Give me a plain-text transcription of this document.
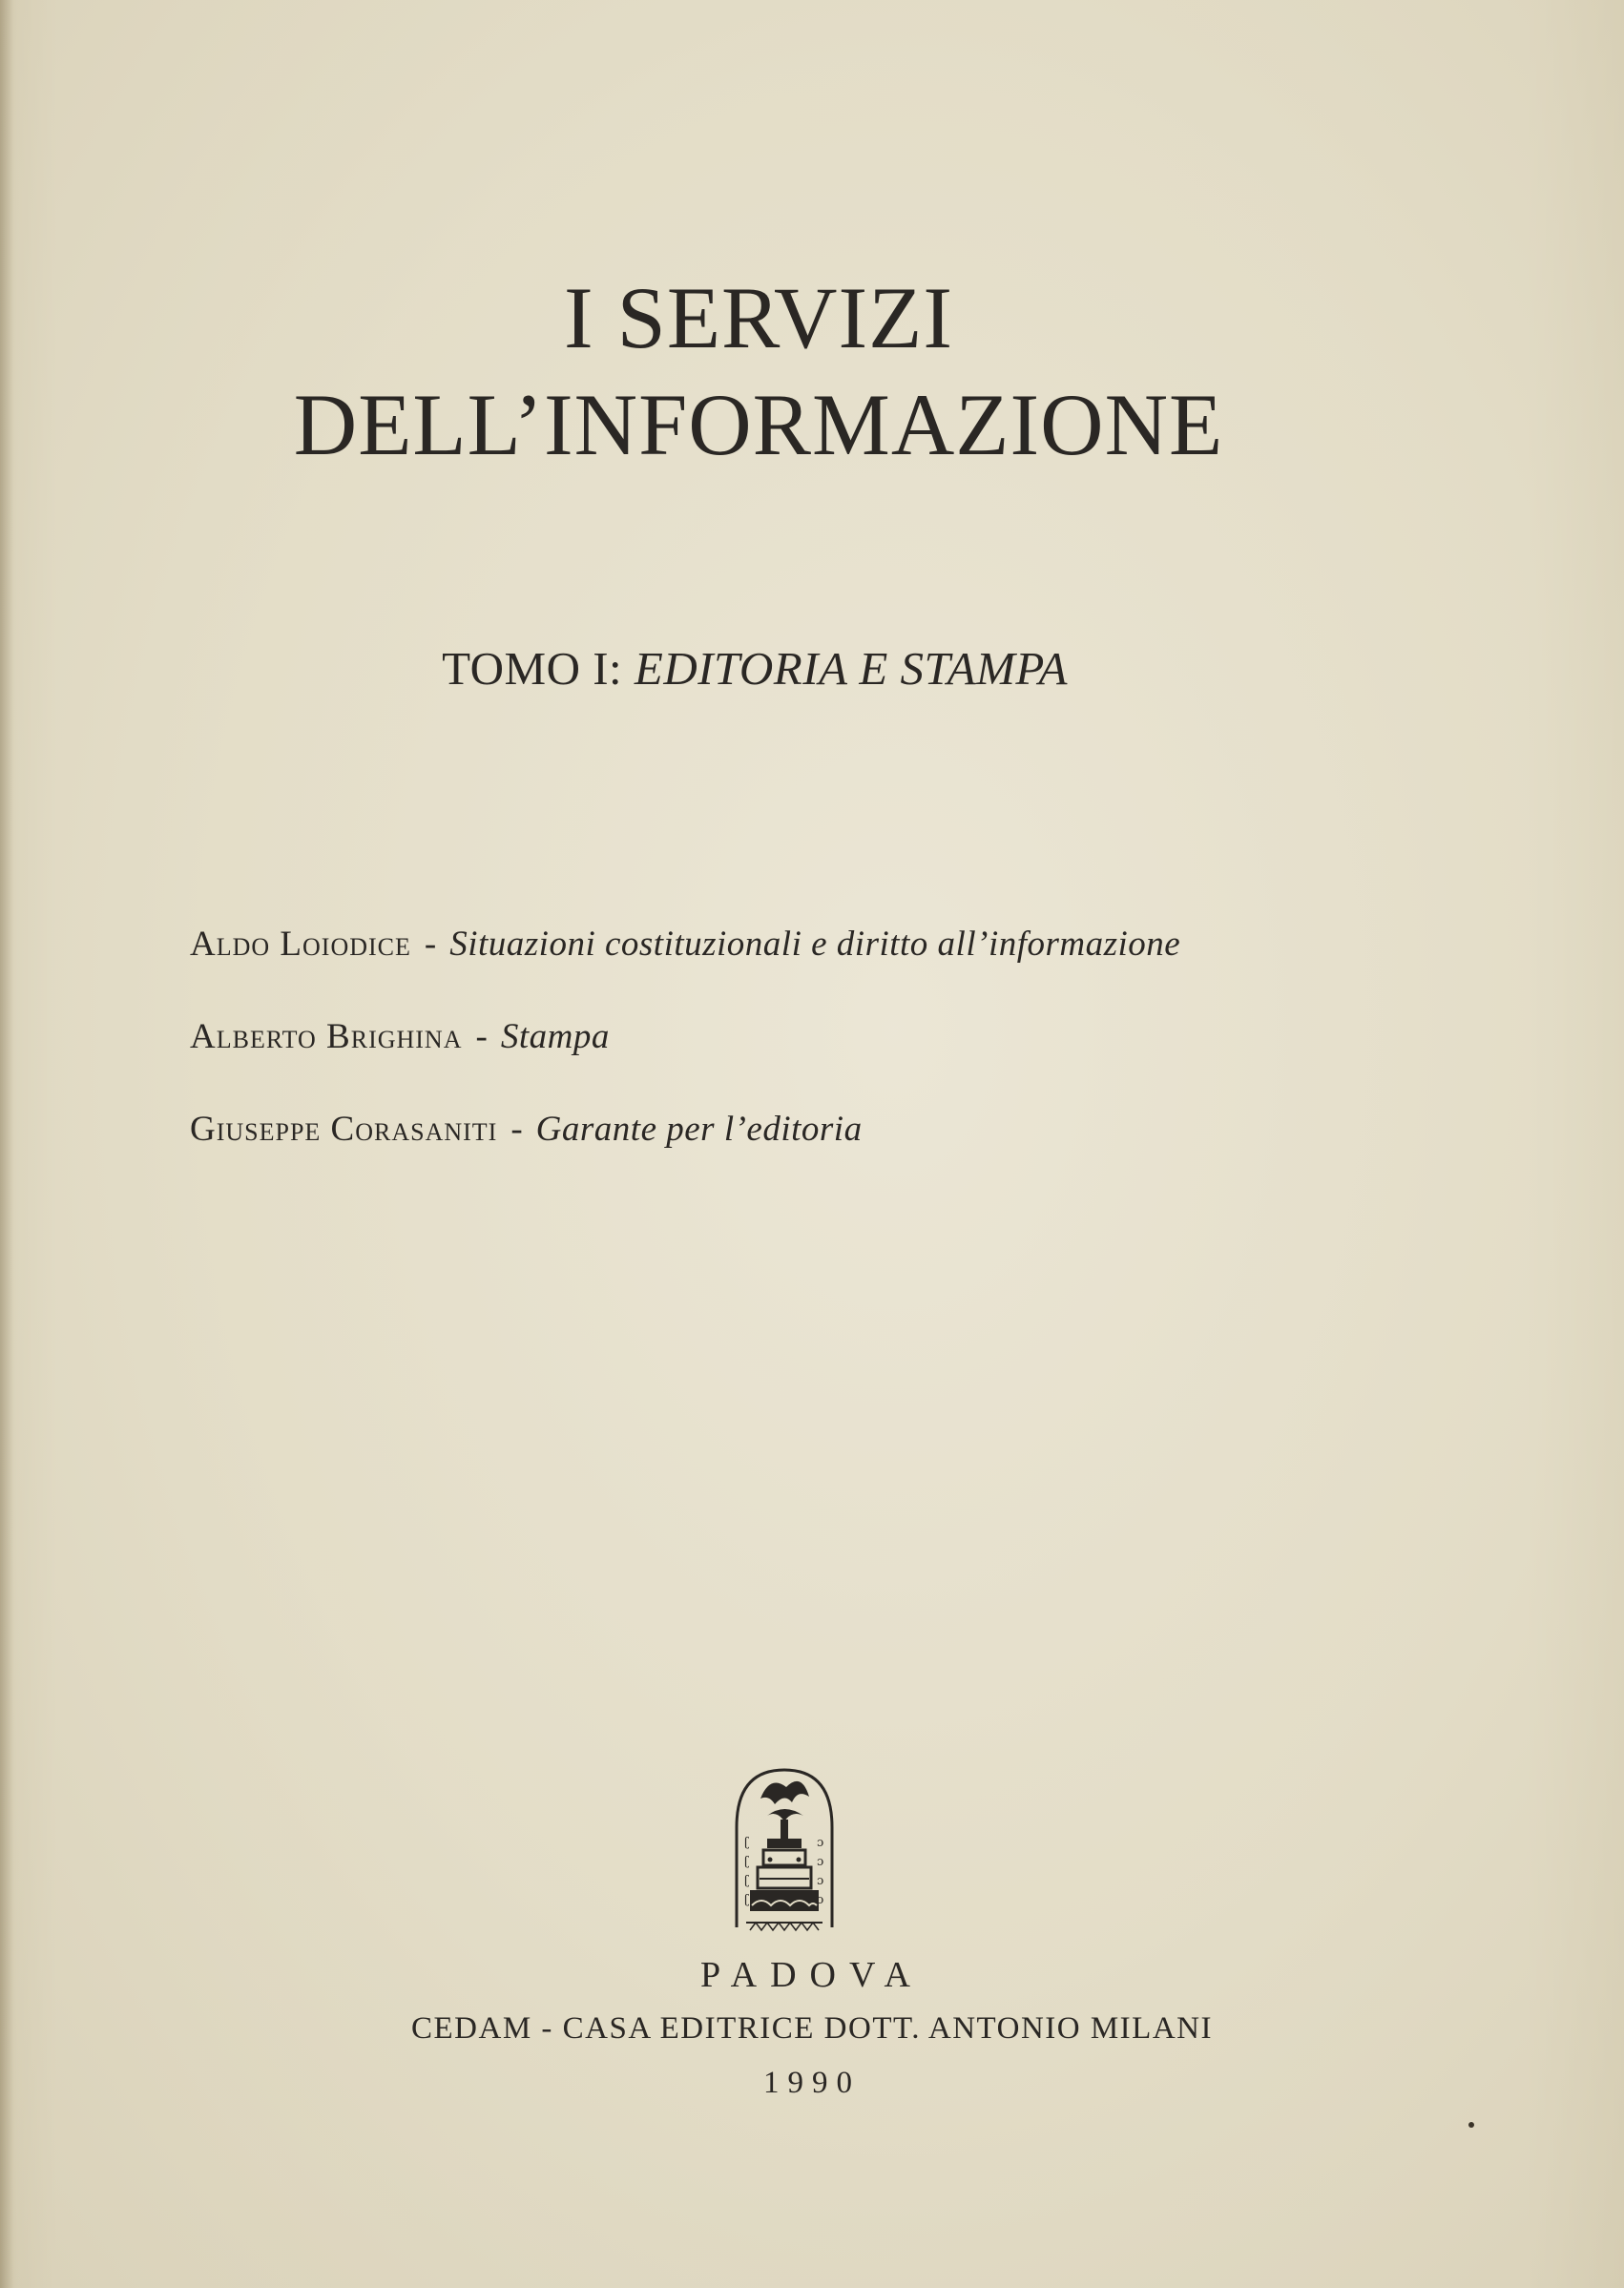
I SERVIZI
DELL’INFORMAZIONE
TOMO I: EDITORIA E STAMPA
Aldo Loiodice - Situazioni costituzionali e diritto all’informazione
Alberto Brighina - Stampa
Giuseppe Corasaniti - Garante per l’editoria
ʗ
ʗ
ʗ
ʗ
ɔ
ɔ
ɔ
ɔ
PADOVA
CEDAM - CASA EDITRICE DOTT. ANTONIO MILANI
1990
